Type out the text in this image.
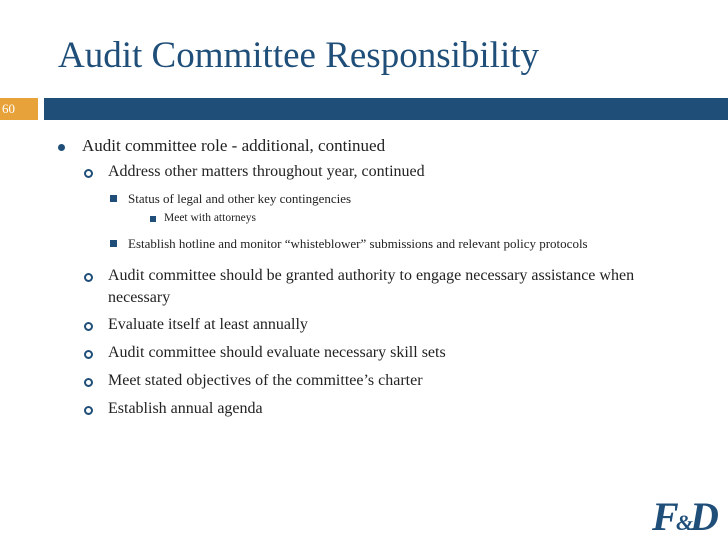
Audit Committee Responsibility
60
Audit committee role - additional, continued
Address other matters throughout year, continued
Status of legal and other key contingencies
Meet with attorneys
Establish hotline and monitor “whisteblower” submissions and relevant policy protocols
Audit committee should be granted authority to engage necessary assistance when
necessary
Evaluate itself at least annually
Audit committee should evaluate necessary skill sets
Meet stated objectives of the committee’s charter
Establish annual agenda
F
&
D
